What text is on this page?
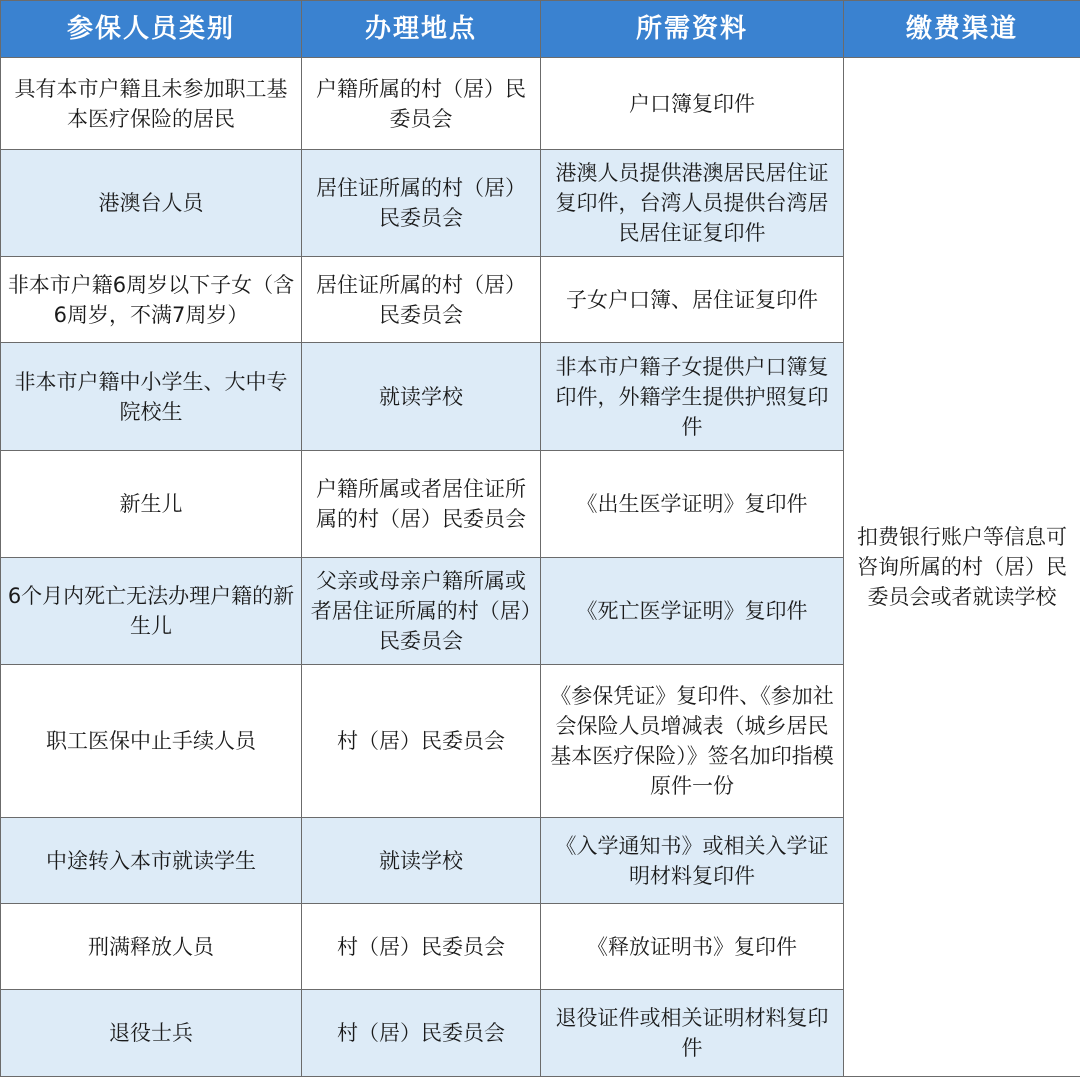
参保人员类别	办理地点	所需资料	缴费渠道
具有本市户籍且未参加职工基本医疗保险的居民	户籍所属的村（居）民委员会	户口簿复印件	扣费银行账户等信息可咨询所属的村（居）民委员会或者就读学校
港澳台人员	居住证所属的村（居）民委员会	港澳人员提供港澳居民居住证复印件，台湾人员提供台湾居民居住证复印件	
非本市户籍6周岁以下子女（含6周岁，不满7周岁）	居住证所属的村（居）民委员会	子女户口簿、居住证复印件	
非本市户籍中小学生、大中专院校生	就读学校	非本市户籍子女提供户口簿复印件，外籍学生提供护照复印件	
新生儿	户籍所属或者居住证所属的村（居）民委员会	《出生医学证明》复印件	
6个月内死亡无法办理户籍的新生儿	父亲或母亲户籍所属或者居住证所属的村（居）民委员会	《死亡医学证明》复印件	
职工医保中止手续人员	村（居）民委员会	《参保凭证》复印件、《参加社会保险人员增减表（城乡居民基本医疗保险）》签名加印指模原件一份	
中途转入本市就读学生	就读学校	《入学通知书》或相关入学证明材料复印件	
刑满释放人员	村（居）民委员会	《释放证明书》复印件	
退役士兵	村（居）民委员会	退役证件或相关证明材料复印件	
